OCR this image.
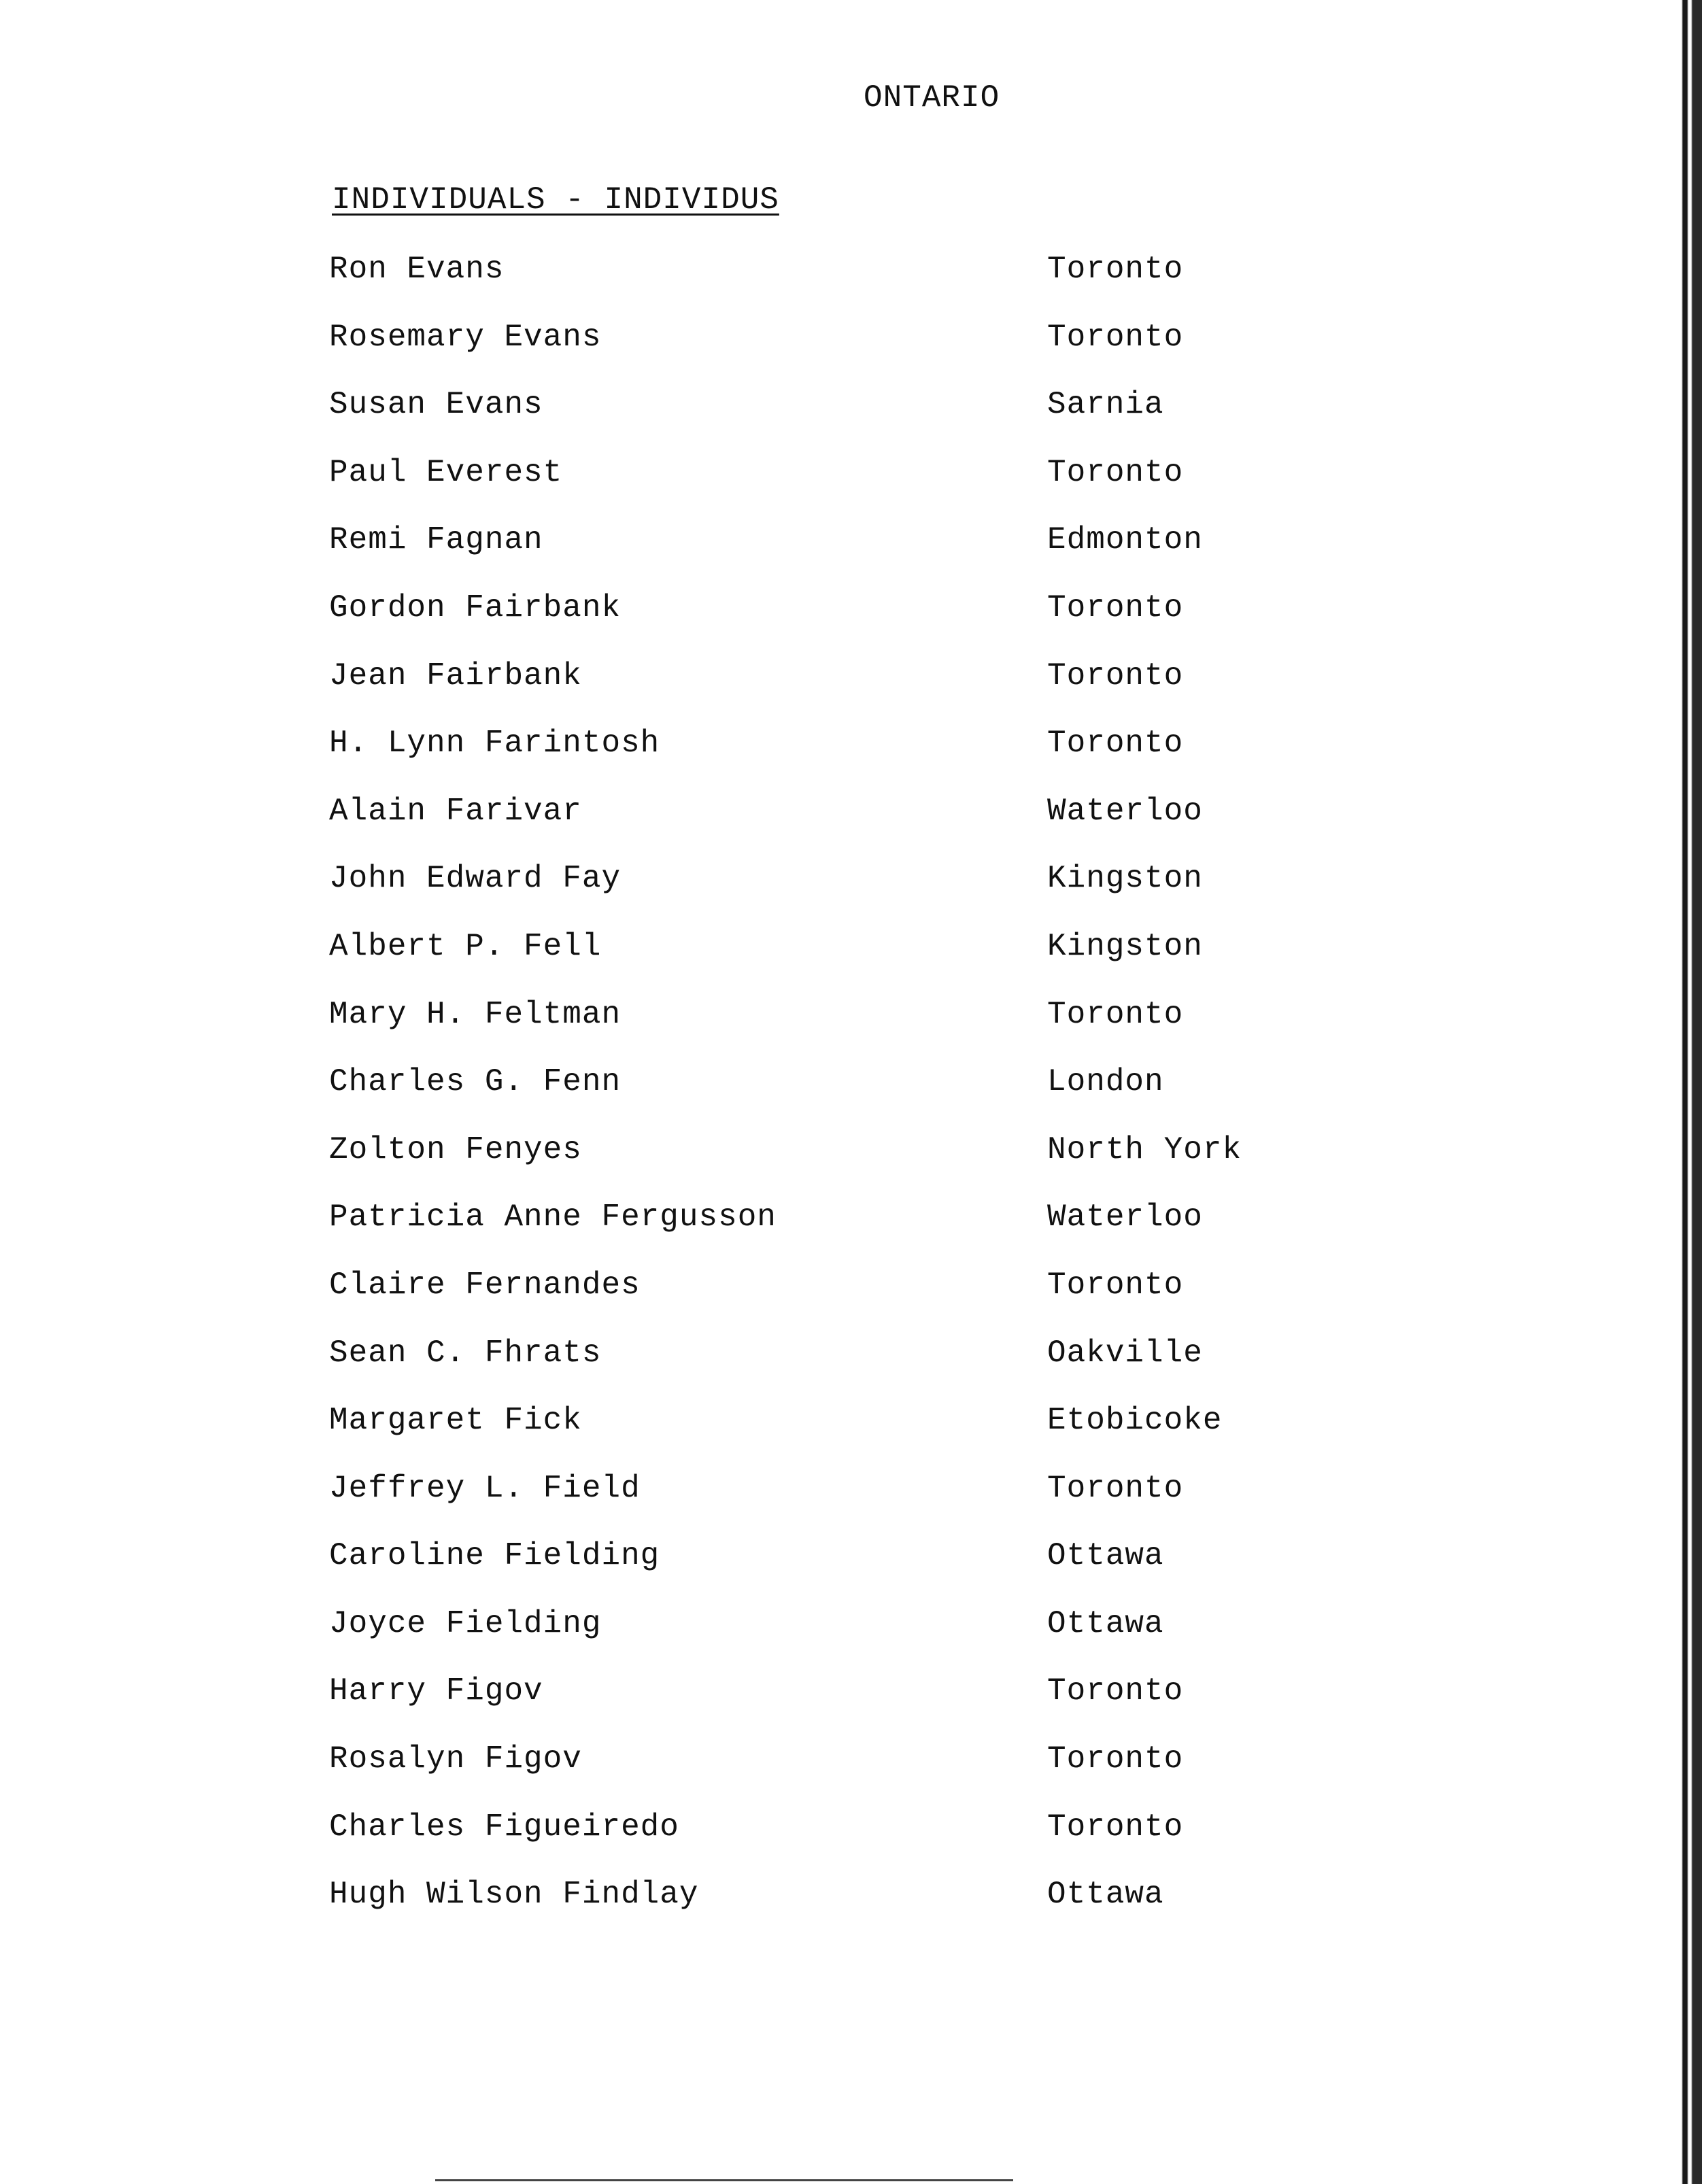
ONTARIO
INDIVIDUALS - INDIVIDUS
Ron Evans	Toronto
Rosemary Evans	Toronto
Susan Evans	Sarnia
Paul Everest	Toronto
Remi Fagnan	Edmonton
Gordon Fairbank	Toronto
Jean Fairbank	Toronto
H. Lynn Farintosh	Toronto
Alain Farivar	Waterloo
John Edward Fay	Kingston
Albert P. Fell	Kingston
Mary H. Feltman	Toronto
Charles G. Fenn	London
Zolton Fenyes	North York
Patricia Anne Fergusson	Waterloo
Claire Fernandes	Toronto
Sean C. Fhrats	Oakville
Margaret Fick	Etobicoke
Jeffrey L. Field	Toronto
Caroline Fielding	Ottawa
Joyce Fielding	Ottawa
Harry Figov	Toronto
Rosalyn Figov	Toronto
Charles Figueiredo	Toronto
Hugh Wilson Findlay	Ottawa
